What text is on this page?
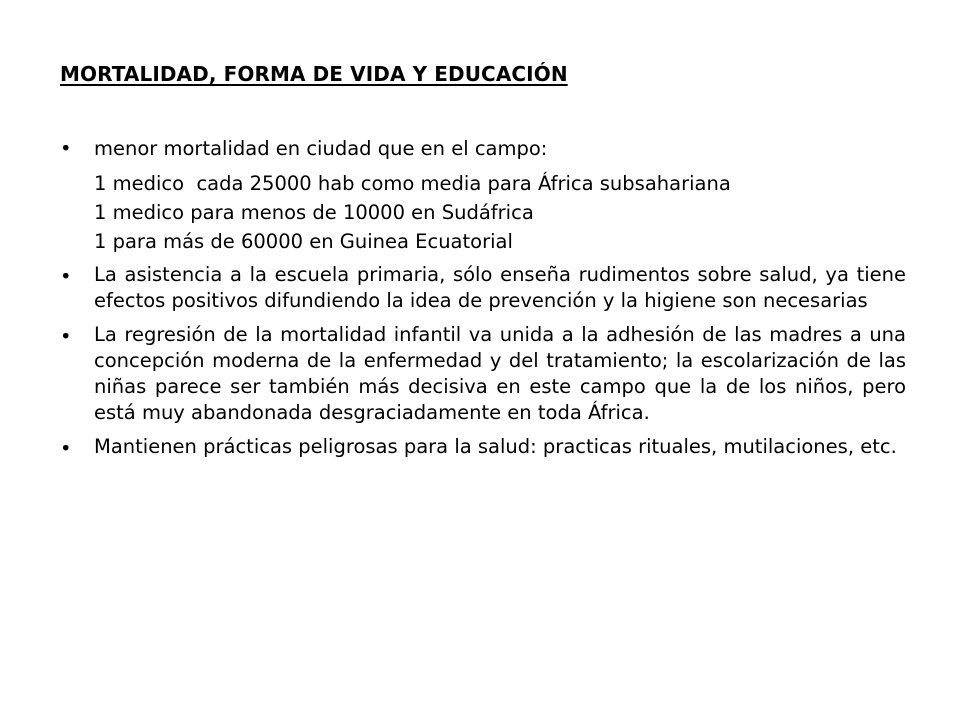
MORTALIDAD, FORMA DE VIDA Y EDUCACIÓN
• menor mortalidad en ciudad que en el campo:
1 medico  cada 25000 hab como media para África subsahariana
1 medico para menos de 10000 en Sudáfrica
1 para más de 60000 en Guinea Ecuatorial
• La asistencia a la escuela primaria, sólo enseña rudimentos sobre salud, ya tiene efectos positivos difundiendo la idea de prevención y la higiene son necesarias
• La regresión de la mortalidad infantil va unida a la adhesión de las madres a una concepción moderna de la enfermedad y del tratamiento; la escolarización de las niñas parece ser también más decisiva en este campo que la de los niños, pero está muy abandonada desgraciadamente en toda África.
• Mantienen prácticas peligrosas para la salud: practicas rituales, mutilaciones, etc.
